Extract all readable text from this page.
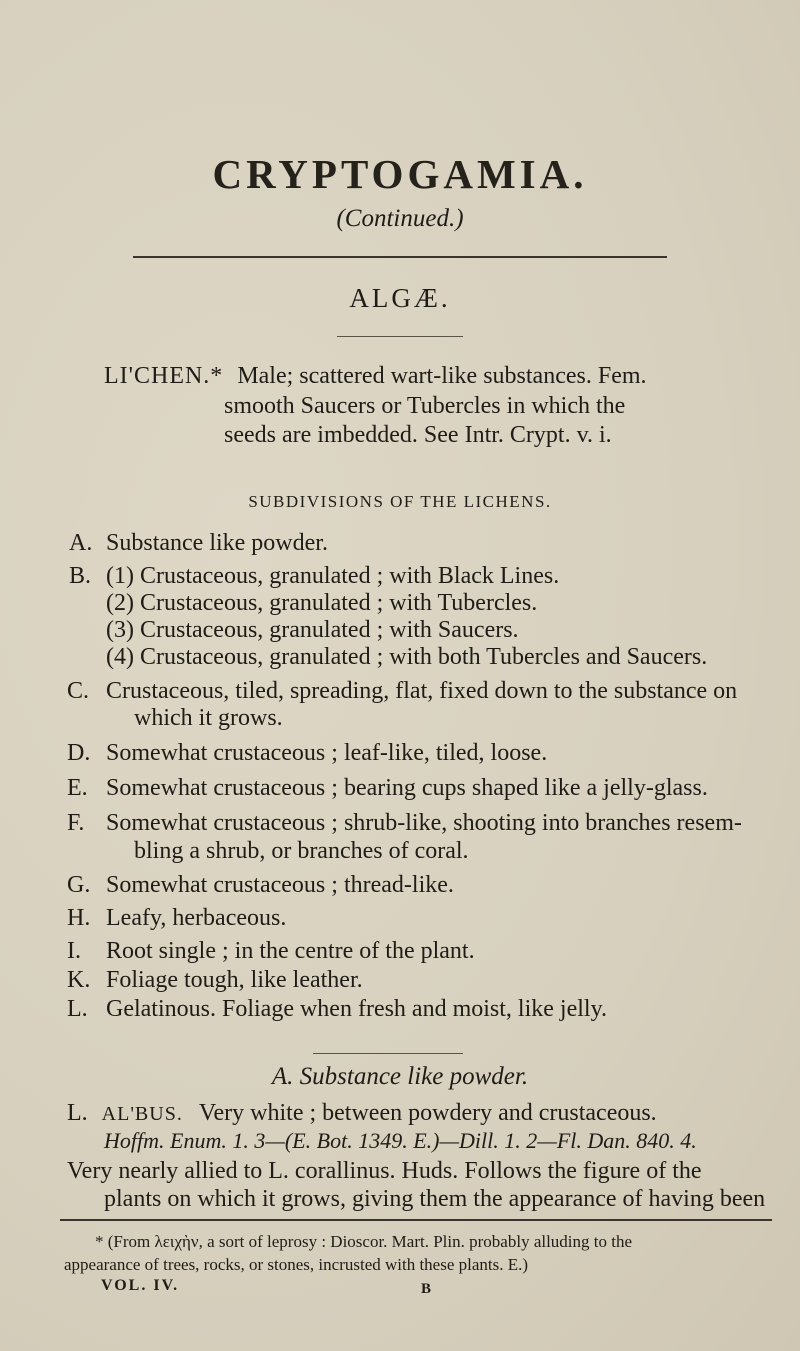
CRYPTOGAMIA.
(Continued.)
ALGÆ.
LI'CHEN.* Male; scattered wart-like substances. Fem.
smooth Saucers or Tubercles in which the
seeds are imbedded. See Intr. Crypt. v. i.
SUBDIVISIONS OF THE LICHENS.
A. Substance like powder.
B. (1) Crustaceous, granulated ; with Black Lines.
(2) Crustaceous, granulated ; with Tubercles.
(3) Crustaceous, granulated ; with Saucers.
(4) Crustaceous, granulated ; with both Tubercles and Saucers.
C. Crustaceous, tiled, spreading, flat, fixed down to the substance on
which it grows.
D. Somewhat crustaceous ; leaf-like, tiled, loose.
E. Somewhat crustaceous ; bearing cups shaped like a jelly-glass.
F. Somewhat crustaceous ; shrub-like, shooting into branches resem-
bling a shrub, or branches of coral.
G. Somewhat crustaceous ; thread-like.
H. Leafy, herbaceous.
I. Root single ; in the centre of the plant.
K. Foliage tough, like leather.
L. Gelatinous. Foliage when fresh and moist, like jelly.
A. Substance like powder.
L. AL'BUS. Very white ; between powdery and crustaceous.
Hoffm. Enum. 1. 3—(E. Bot. 1349. E.)—Dill. 1. 2—Fl. Dan. 840. 4.
Very nearly allied to L. corallinus. Huds. Follows the figure of the
plants on which it grows, giving them the appearance of having been
* (From λειχὴν, a sort of leprosy : Dioscor. Mart. Plin. probably alluding to the
appearance of trees, rocks, or stones, incrusted with these plants. E.)
VOL. IV.	B
